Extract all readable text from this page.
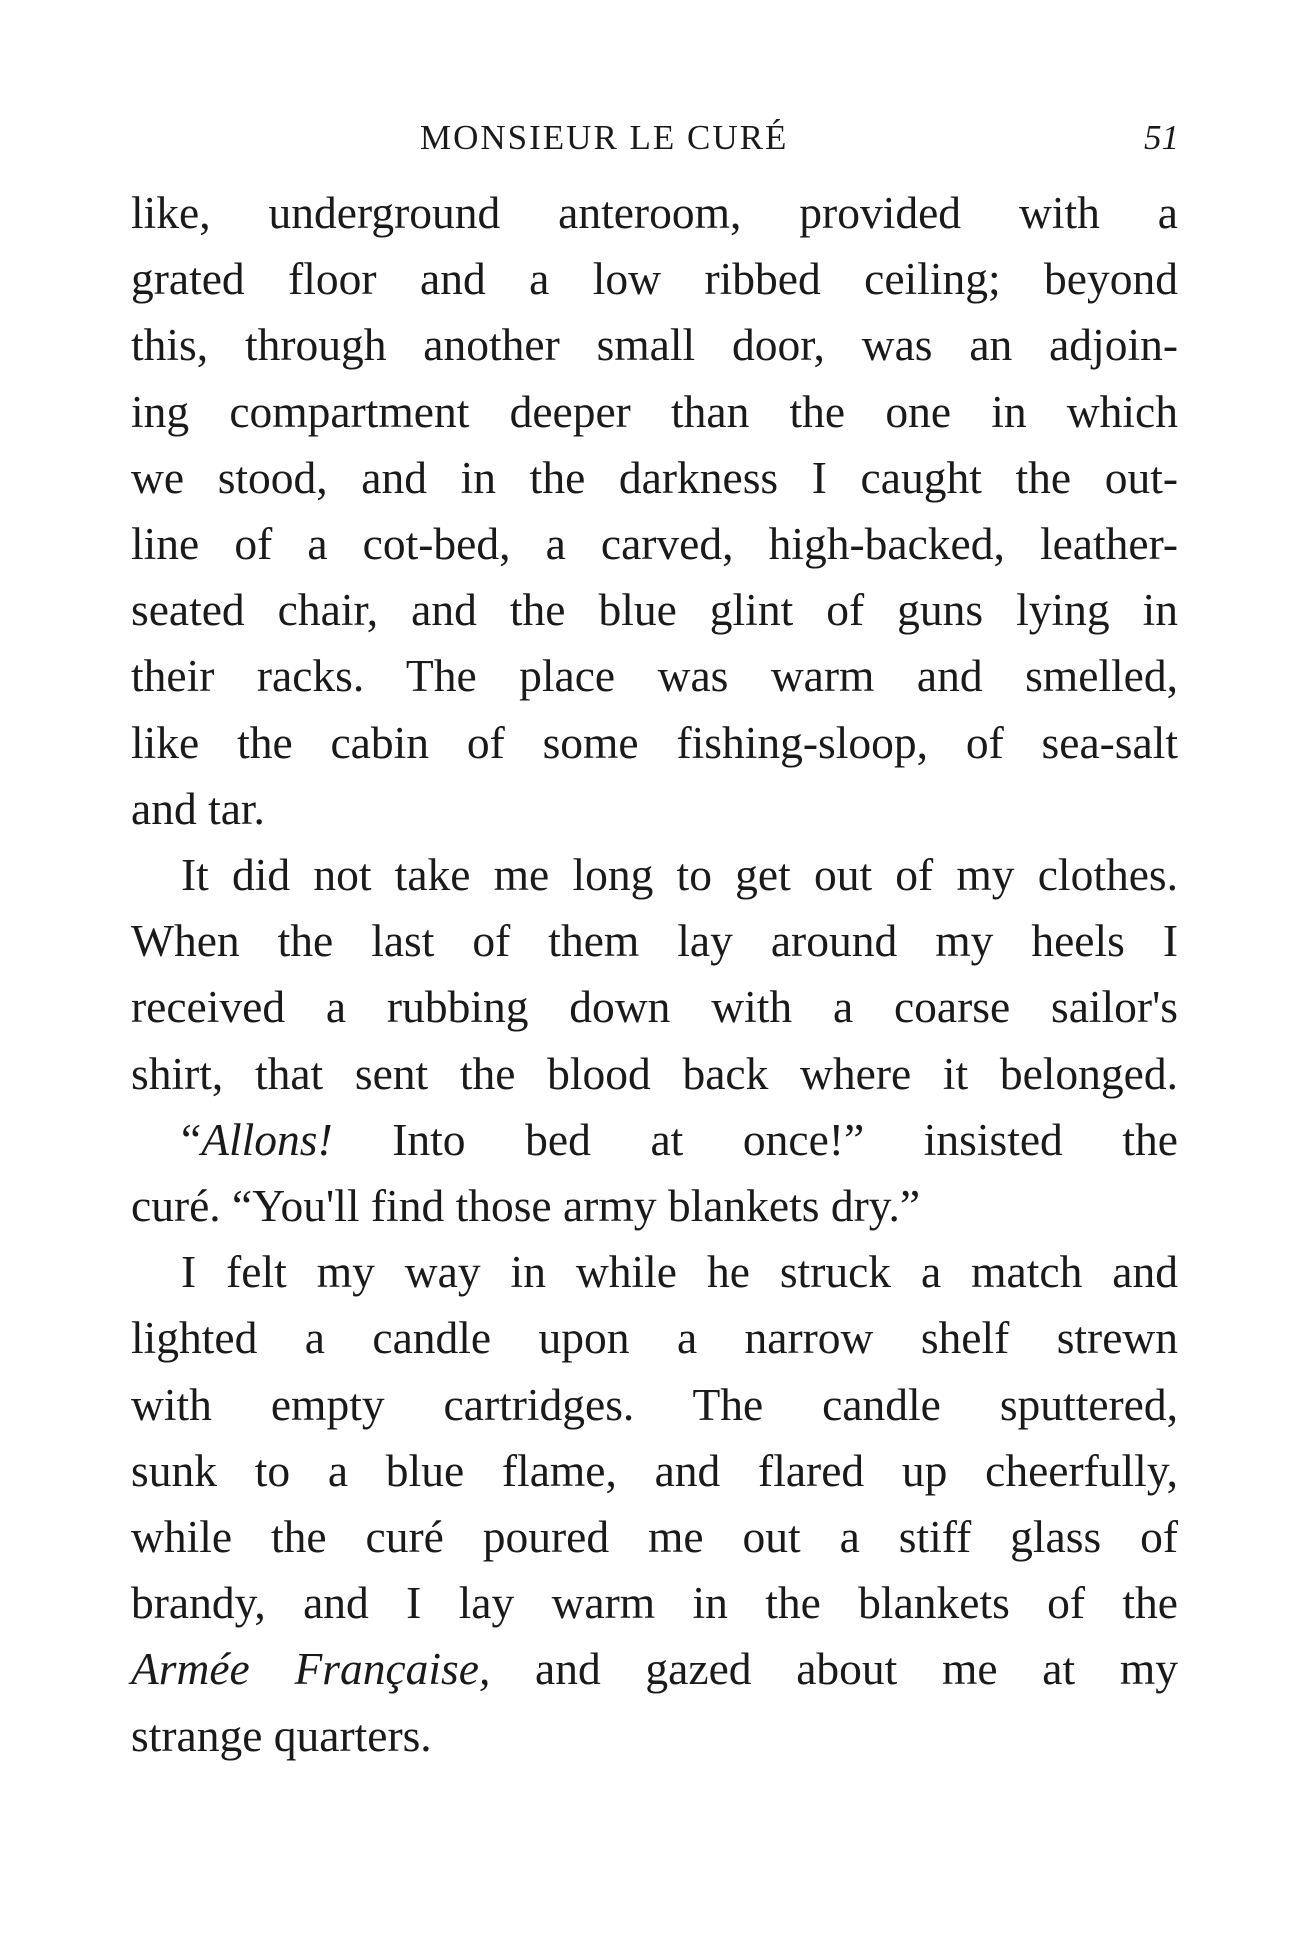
MONSIEUR LE CURÉ	51
like, underground anteroom, provided with a
grated floor and a low ribbed ceiling; beyond
this, through another small door, was an adjoin-
ing compartment deeper than the one in which
we stood, and in the darkness I caught the out-
line of a cot-bed, a carved, high-backed, leather-
seated chair, and the blue glint of guns lying in
their racks. The place was warm and smelled,
like the cabin of some fishing-sloop, of sea-salt
and tar.
It did not take me long to get out of my clothes.
When the last of them lay around my heels I
received a rubbing down with a coarse sailor's
shirt, that sent the blood back where it belonged.
“Allons! Into bed at once!” insisted the
curé. “You'll find those army blankets dry.”
I felt my way in while he struck a match and
lighted a candle upon a narrow shelf strewn
with empty cartridges. The candle sputtered,
sunk to a blue flame, and flared up cheerfully,
while the curé poured me out a stiff glass of
brandy, and I lay warm in the blankets of the
Armée Française, and gazed about me at my
strange quarters.
